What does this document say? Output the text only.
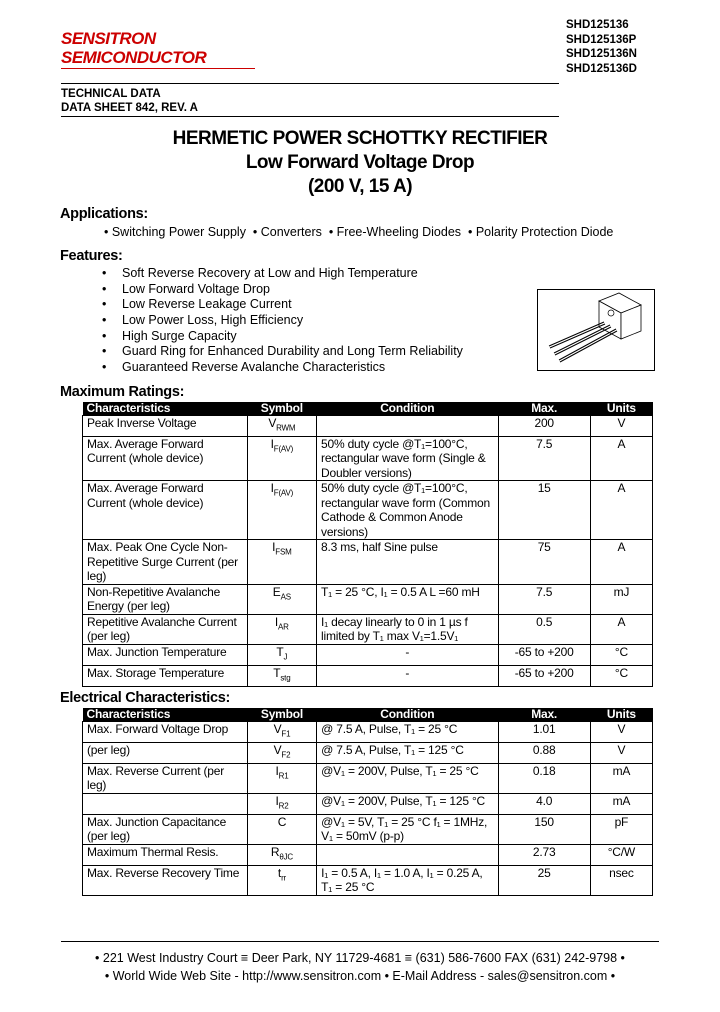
SENSITRON
SEMICONDUCTOR
SHD125136
SHD125136P
SHD125136N
SHD125136D
TECHNICAL DATA
DATA SHEET 842, REV. A
HERMETIC POWER SCHOTTKY RECTIFIER
Low Forward Voltage Drop
(200 V, 15 A)
Applications:
• Switching Power Supply  • Converters  • Free-Wheeling Diodes  • Polarity Protection Diode
Features:
• Soft Reverse Recovery at Low and High Temperature
• Low Forward Voltage Drop
• Low Reverse Leakage Current
• Low Power Loss, High Efficiency
• High Surge Capacity
• Guard Ring for Enhanced Durability and Long Term Reliability
• Guaranteed Reverse Avalanche Characteristics
Maximum Ratings:
Characteristics	Symbol	Condition	Max.	Units
Peak Inverse Voltage	$V_{RWM}$		200	V
Max. Average Forward Current (whole device)	$I_{F(AV)}$	50% duty cycle @T₁=100°C, rectangular wave form (Single & Doubler versions)	7.5	A
Max. Average Forward Current (whole device)	$I_{F(AV)}$	50% duty cycle @T₁=100°C, rectangular wave form (Common Cathode & Common Anode versions)	15	A
Max. Peak One Cycle Non-Repetitive Surge Current (per leg)	$I_{FSM}$	8.3 ms, half Sine pulse	75	A
Non-Repetitive Avalanche Energy (per leg)	$E_{AS}$	T₁ = 25 °C, I₁ = 0.5 A L =60 mH	7.5	mJ
Repetitive Avalanche Current (per leg)	$I_{AR}$	I₁ decay linearly to 0 in 1 µs f limited by T₁ max V₁=1.5V₁	0.5	A
Max. Junction Temperature	$T_J$	-	-65 to +200	°C
Max. Storage Temperature	$T_{stg}$	-	-65 to +200	°C
Electrical Characteristics:
Characteristics	Symbol	Condition	Max.	Units
Max. Forward Voltage Drop	$V_{F1}$	@ 7.5 A, Pulse, T₁ = 25 °C	1.01	V
(per leg)	$V_{F2}$	@ 7.5 A, Pulse, T₁ = 125 °C	0.88	V
Max. Reverse Current (per leg)	$I_{R1}$	@V₁ = 200V, Pulse, T₁ = 25 °C	0.18	mA
	$I_{R2}$	@V₁ = 200V, Pulse, T₁ = 125 °C	4.0	mA
Max. Junction Capacitance (per leg)	C	@V₁ = 5V, T₁ = 25 °C f₁ = 1MHz, V₁ = 50mV (p-p)	150	pF
Maximum Thermal Resis.	$R_{\theta JC}$		2.73	°C/W
Max. Reverse Recovery Time	$t_{rr}$	I₁ = 0.5 A, I₁ = 1.0 A, I₁ = 0.25 A, T₁ = 25 °C	25	nsec
• 221 West Industry Court ≡ Deer Park, NY 11729-4681 ≡ (631) 586-7600 FAX (631) 242-9798 •
• World Wide Web Site - http://www.sensitron.com • E-Mail Address - sales@sensitron.com •
